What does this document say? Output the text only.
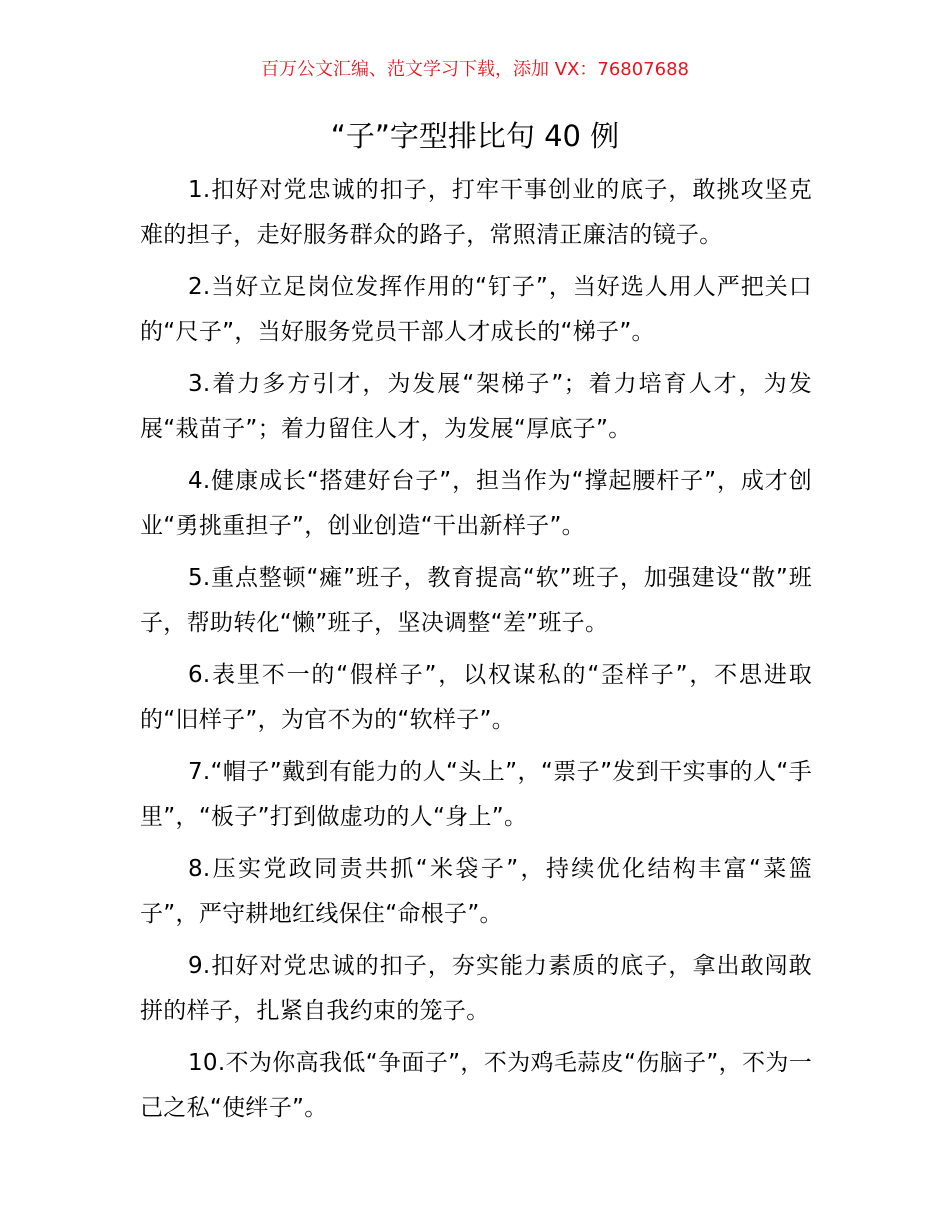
百万公文汇编、范文学习下载，添加 VX：76807688
“子”字型排比句 40 例

1.扣好对党忠诚的扣子，打牢干事创业的底子，敢挑攻坚克难的担子，走好服务群众的路子，常照清正廉洁的镜子。

2.当好立足岗位发挥作用的“钉子”，当好选人用人严把关口的“尺子”，当好服务党员干部人才成长的“梯子”。

3.着力多方引才，为发展“架梯子”；着力培育人才，为发展“栽苗子”；着力留住人才，为发展“厚底子”。

4.健康成长“搭建好台子”，担当作为“撑起腰杆子”，成才创业“勇挑重担子”，创业创造“干出新样子”。

5.重点整顿“瘫”班子，教育提高“软”班子，加强建设“散”班子，帮助转化“懒”班子，坚决调整“差”班子。

6.表里不一的“假样子”，以权谋私的“歪样子”，不思进取的“旧样子”，为官不为的“软样子”。

7.“帽子”戴到有能力的人“头上”，“票子”发到干实事的人“手里”，“板子”打到做虚功的人“身上”。

8.压实党政同责共抓“米袋子”，持续优化结构丰富“菜篮子”，严守耕地红线保住“命根子”。

9.扣好对党忠诚的扣子，夯实能力素质的底子，拿出敢闯敢拼的样子，扎紧自我约束的笼子。

10.不为你高我低“争面子”，不为鸡毛蒜皮“伤脑子”，不为一己之私“使绊子”。
